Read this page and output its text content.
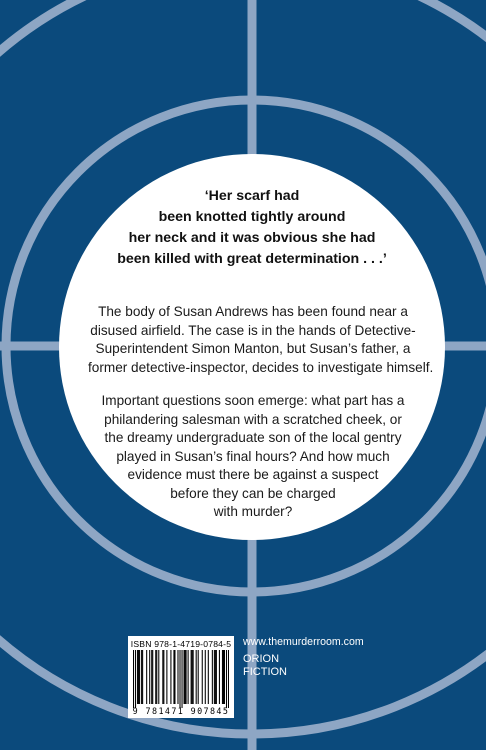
‘Her scarf had
been knotted tightly around
her neck and it was obvious she had
been killed with great determination . . .’

The body of Susan Andrews has been found near a
disused airfield. The case is in the hands of Detective-
Superintendent Simon Manton, but Susan’s father, a
former detective-inspector, decides to investigate himself.

Important questions soon emerge: what part has a
philandering salesman with a scratched cheek, or
the dreamy undergraduate son of the local gentry
played in Susan’s final hours? And how much
evidence must there be against a suspect
before they can be charged
with murder?

ISBN 978-1-4719-0784-5
9 781471 907845
www.themurderroom.com
ORION
FICTION
